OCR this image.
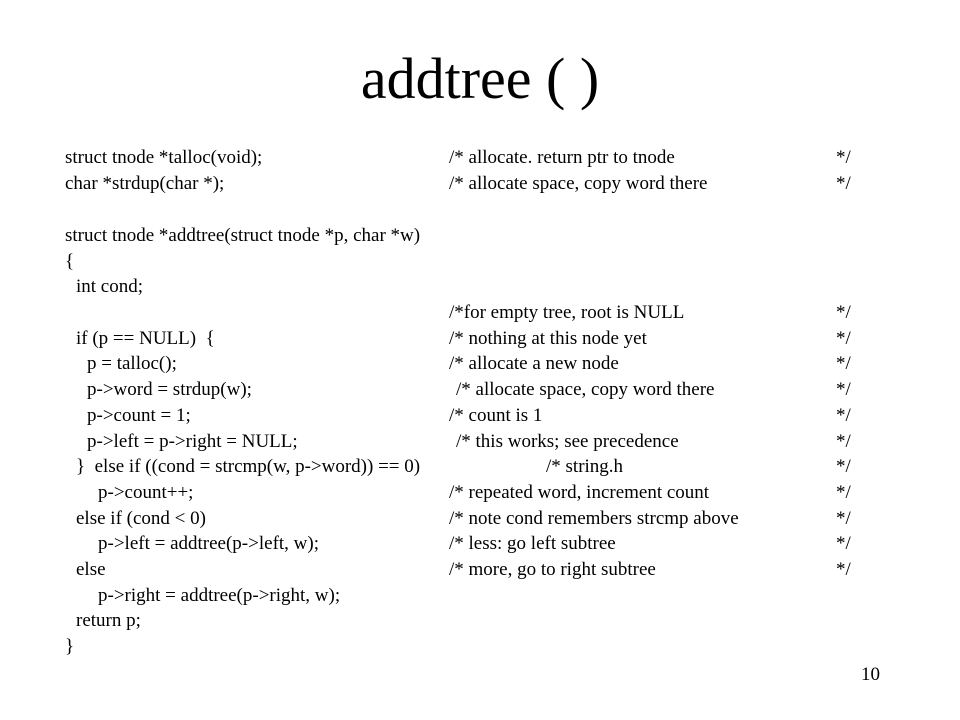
addtree ( )
struct tnode *talloc(void);	/* allocate. return ptr to tnode	*/
char *strdup(char *);	/* allocate space, copy word there	*/
struct tnode *addtree(struct tnode *p, char *w)
{
int cond;
/*for empty tree, root is NULL	*/
if (p == NULL)  {	/* nothing at this node yet	*/
p = talloc();	/* allocate a new node	*/
p->word = strdup(w);	/* allocate space, copy word there	*/
p->count = 1;	/* count is 1	*/
p->left = p->right = NULL;	/* this works; see precedence	*/
}  else if ((cond = strcmp(w, p->word)) == 0)	/* string.h	*/
p->count++;	/* repeated word, increment count	*/
else if (cond < 0)	/* note cond remembers strcmp above	*/
p->left = addtree(p->left, w);	/* less: go left subtree	*/
else	/* more, go to right subtree	*/
p->right = addtree(p->right, w);
return p;
}
10
